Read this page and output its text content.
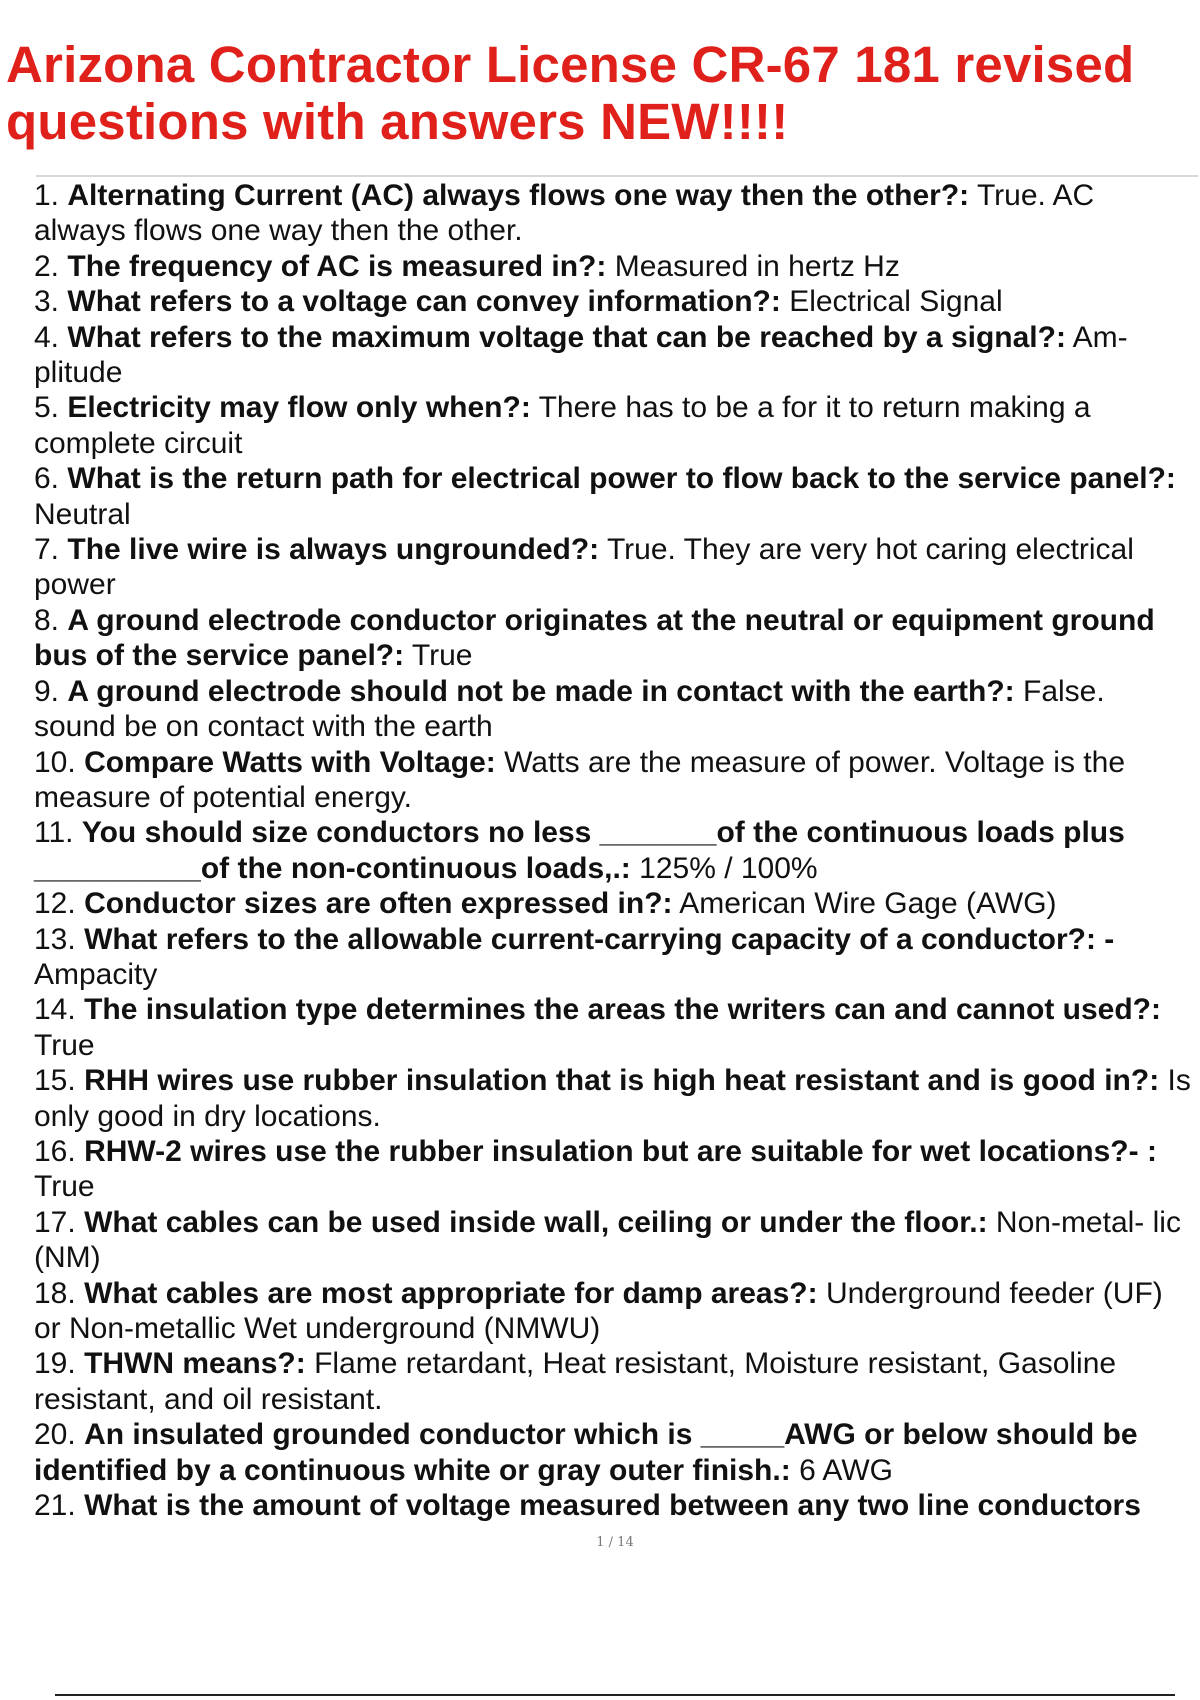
Arizona Contractor License CR-67 181 revised questions with answers NEW!!!!
1. Alternating Current (AC) always flows one way then the other?: True. AC always flows one way then the other.
2. The frequency of AC is measured in?: Measured in hertz Hz
3. What refers to a voltage can convey information?: Electrical Signal
4. What refers to the maximum voltage that can be reached by a signal?: Am- plitude
5. Electricity may flow only when?: There has to be a for it to return making a complete circuit
6. What is the return path for electrical power to flow back to the service panel?: Neutral
7. The live wire is always ungrounded?: True. They are very hot caring electrical power
8. A ground electrode conductor originates at the neutral or equipment ground bus of the service panel?: True
9. A ground electrode should not be made in contact with the earth?: False. sound be on contact with the earth
10. Compare Watts with Voltage: Watts are the measure of power. Voltage is the measure of potential energy.
11. You should size conductors no less _______of the continuous loads plus __________of the non-continuous loads,.: 125% / 100%
12. Conductor sizes are often expressed in?: American Wire Gage (AWG)
13. What refers to the allowable current-carrying capacity of a conductor?: - Ampacity
14. The insulation type determines the areas the writers can and cannot used?: True
15. RHH wires use rubber insulation that is high heat resistant and is good in?: Is only good in dry locations.
16. RHW-2 wires use the rubber insulation but are suitable for wet locations?- : True
17. What cables can be used inside wall, ceiling or under the floor.: Non-metal- lic (NM)
18. What cables are most appropriate for damp areas?: Underground feeder (UF) or Non-metallic Wet underground (NMWU)
19. THWN means?: Flame retardant, Heat resistant, Moisture resistant, Gasoline resistant, and oil resistant.
20. An insulated grounded conductor which is _____AWG or below should be identified by a continuous white or gray outer finish.: 6 AWG
21. What is the amount of voltage measured between any two line conductors
1 / 14
